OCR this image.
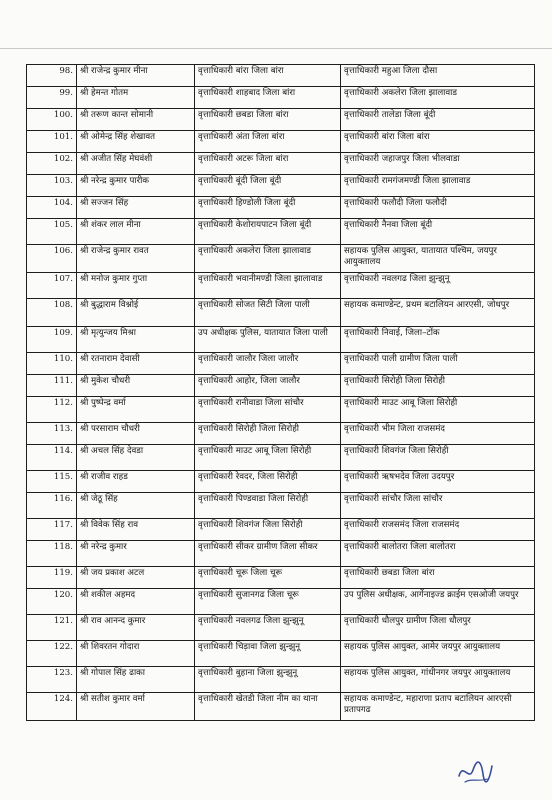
98.	श्री राजेन्द्र कुमार मीना	वृत्ताधिकारी बांरा जिला बांरा	वृत्ताधिकारी महुआ जिला दौसा
99.	श्री हेमन्त गोतम	वृत्ताधिकारी शाहबाद जिला बांरा	वृत्ताधिकारी अकलेरा जिला झालावाड
100.	श्री तरूण कान्त सोमानी	वृत्ताधिकारी छबडा जिला बांरा	वृत्ताधिकारी तालेडा जिला बूंदी
101.	श्री ओमेन्द्र सिंह शेखावत	वृत्ताधिकारी अंता जिला बांरा	वृत्ताधिकारी बांरा जिला बांरा
102.	श्री अजीत सिंह मेघवंशी	वृत्ताधिकारी अटरू जिला बांरा	वृत्ताधिकारी जहाजपुर जिला भीलवाडा
103.	श्री नरेन्द्र कुमार पारीक	वृत्ताधिकारी बूंदी जिला बूंदी	वृत्ताधिकारी रामगंजमण्डी जिला झालावाड
104.	श्री सज्जन सिंह	वृत्ताधिकारी हिण्डोली जिला बूंदी	वृत्ताधिकारी फलौदी जिला फलौदी
105.	श्री शंकर लाल मीना	वृत्ताधिकारी केशोरायपाटन जिला बूंदी	वृत्ताधिकारी नैनवा जिला बूंदी
106.	श्री राजेन्द्र कुमार रावत	वृत्ताधिकारी अकलेरा जिला झालावाड	सहायक पुलिस आयुक्त, यातायात पश्चिम, जयपुर आयुक्तालय
107.	श्री मनोज कुमार गुप्ता	वृत्ताधिकारी भवानीमण्डी जिला झालावाड	वृत्ताधिकारी नवलगढ जिला झुन्झुनू
108.	श्री बुद्धाराम विश्नोई	वृत्ताधिकारी सोजत सिटी जिला पाली	सहायक कमाण्डेन्ट, प्रथम बटालियन आरएसी, जोधपुर
109.	श्री मृत्युन्जय मिश्रा	उप अधीक्षक पुलिस, यातायात जिला पाली	वृत्ताधिकारी निवाई, जिला–टोंक
110.	श्री रतनाराम देवासी	वृत्ताधिकारी जालौर जिला जालौर	वृत्ताधिकारी पाली ग्रामीण जिला पाली
111.	श्री मुकेश चौधरी	वृत्ताधिकारी आहोर, जिला जालौर	वृत्ताधिकारी सिरोही जिला सिरोही
112.	श्री पुष्पेन्द्र वर्मा	वृत्ताधिकारी रानीवाडा जिला सांचौर	वृत्ताधिकारी माउट आबू जिला सिरोही
113.	श्री परसाराम चौधरी	वृत्ताधिकारी सिरोही जिला सिरोही	वृत्ताधिकारी भीम जिला राजसमंद
114.	श्री अचल सिंह देवडा	वृत्ताधिकारी माउट आबू जिला सिरोही	वृत्ताधिकारी शिवगंज जिला सिरोही
115.	श्री राजीव राहड	वृत्ताधिकारी रेवदर, जिला सिरोही	वृत्ताधिकारी ऋषभदेव जिला उदयपुर
116.	श्री जेठू सिंह	वृत्ताधिकारी पिण्डवाडा जिला सिरोही	वृत्ताधिकारी सांचौर जिला सांचौर
117.	श्री विवेक सिंह राव	वृत्ताधिकारी शिवगंज जिला सिरोही	वृत्ताधिकारी राजसमंद जिला राजसमंद
118.	श्री नरेन्द्र कुमार	वृत्ताधिकारी सीकर ग्रामीण जिला सीकर	वृत्ताधिकारी बालोतरा जिला बालोतरा
119.	श्री जय प्रकाश अटल	वृत्ताधिकारी चूरू जिला चूरू	वृत्ताधिकारी छबडा जिला बांरा
120.	श्री शकील अहमद	वृत्ताधिकारी सुजानगढ जिला चूरू	उप पुलिस अधीक्षक, आर्गेनाइज्ड क्राईम एसओजी जयपुर
121.	श्री राव आनन्द कुमार	वृत्ताधिकारी नवलगढ जिला झुन्झुनू	वृत्ताधिकारी धौलपुर ग्रामीण जिला धौलपुर
122.	श्री शिवरतन गोदारा	वृत्ताधिकारी चिड़ावा जिला झुन्झुनू	सहायक पुलिस आयुक्त, आमेर जयपुर आयुक्तालय
123.	श्री गोपाल सिंह ढाका	वृत्ताधिकारी बुहाना जिला झुन्झुनू	सहायक पुलिस आयुक्त, गांधीनगर जयपुर आयुक्तालय
124.	श्री सतीश कुमार वर्मा	वृत्ताधिकारी खेतडी जिला नीम का थाना	सहायक कमाण्डेन्ट, महाराणा प्रताप बटालियन आरएसी प्रतापगढ
